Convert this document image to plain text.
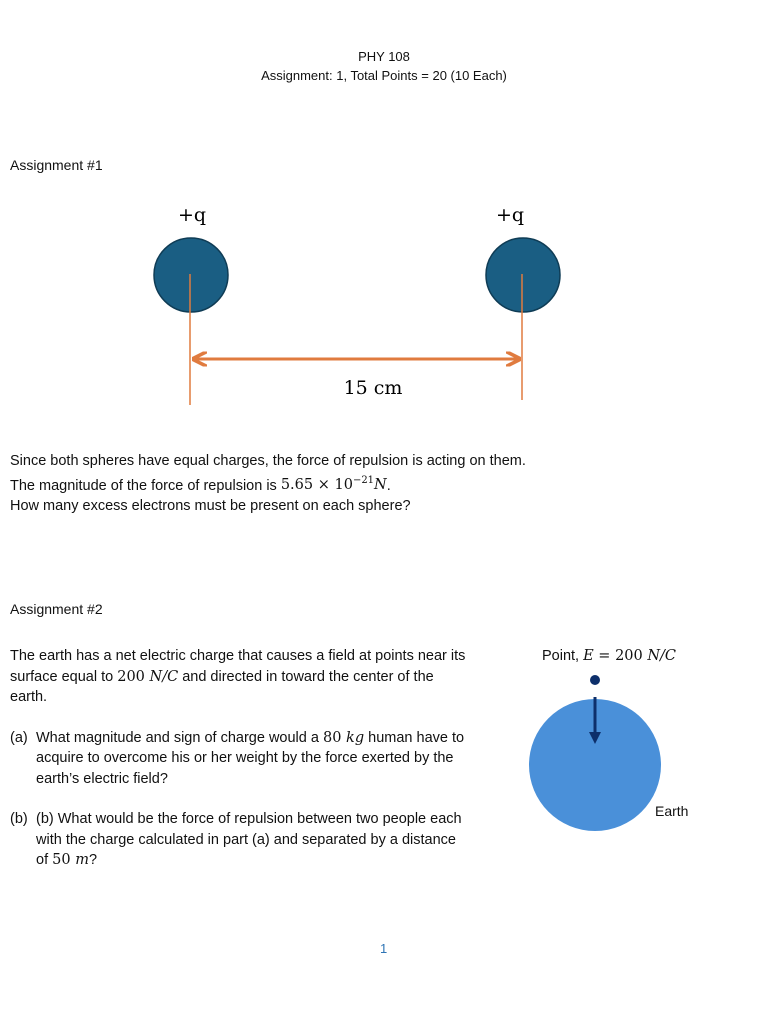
PHY 108
Assignment: 1, Total Points = 20 (10 Each)
Assignment #1
+q	+q
15 cm
Since both spheres have equal charges, the force of repulsion is acting on them.
The magnitude of the force of repulsion is $5.65 \times 10^{-21}N$.
How many excess electrons must be present on each sphere?
Assignment #2
The earth has a net electric charge that causes a field at points near its surface equal to 200 N/C and directed in toward the center of the earth.
(a) What magnitude and sign of charge would a 80 kg human have to acquire to overcome his or her weight by the force exerted by the earth’s electric field?
(b) (b) What would be the force of repulsion between two people each with the charge calculated in part (a) and separated by a distance of 50 m?
Point, E = 200 N/C
Earth
1
